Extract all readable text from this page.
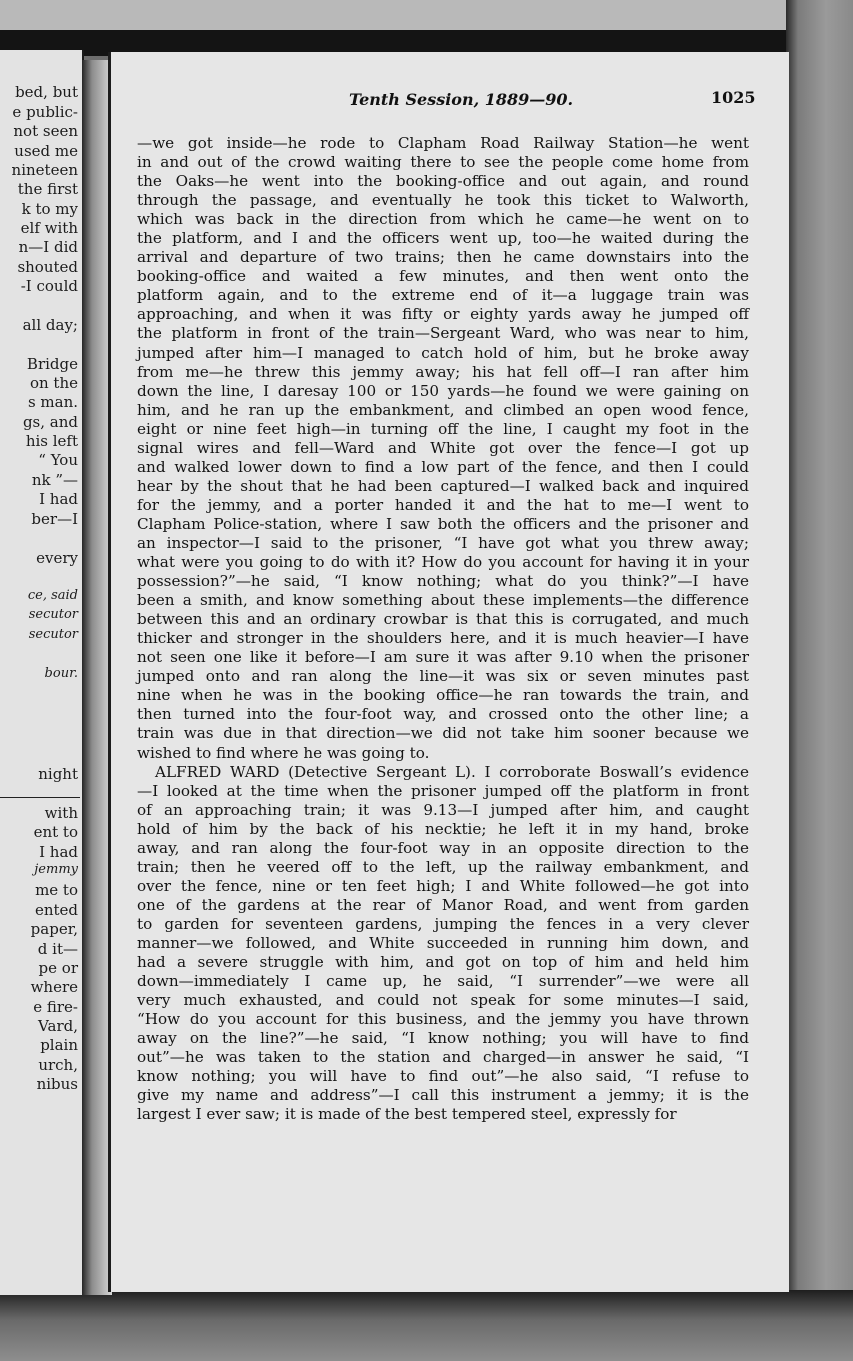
bed, but
e public-
not seen
used me
nineteen
the first
k to my
elf with
n—I did
shouted
-I could
all day;
Bridge
on the
s man.
gs, and
his left
“ You
nk ”—
I had
ber—I
every
ce, said
secutor
secutor
bour.
night
with
ent to
I had
jemmy
me to
ented
paper,
d it—
pe or
where
e fire-
Vard,
plain
urch,
nibus
Tenth Session, 1889—90.	1025
—we got inside—he rode to Clapham Road Railway Station—he went
in and out of the crowd waiting there to see the people come home from
the Oaks—he went into the booking-office and out again, and round
through the passage, and eventually he took this ticket to Walworth,
which was back in the direction from which he came—he went on to
the platform, and I and the officers went up, too—he waited during the
arrival and departure of two trains; then he came downstairs into the
booking-office and waited a few minutes, and then went onto the
platform again, and to the extreme end of it—a luggage train was
approaching, and when it was fifty or eighty yards away he jumped off
the platform in front of the train—Sergeant Ward, who was near to him,
jumped after him—I managed to catch hold of him, but he broke away
from me—he threw this jemmy away; his hat fell off—I ran after him
down the line, I daresay 100 or 150 yards—he found we were gaining on
him, and he ran up the embankment, and climbed an open wood fence,
eight or nine feet high—in turning off the line, I caught my foot in the
signal wires and fell—Ward and White got over the fence—I got up
and walked lower down to find a low part of the fence, and then I could
hear by the shout that he had been captured—I walked back and inquired
for the jemmy, and a porter handed it and the hat to me—I went to
Clapham Police-station, where I saw both the officers and the prisoner and
an inspector—I said to the prisoner, “I have got what you threw away;
what were you going to do with it? How do you account for having it in your
possession?”—he said, “I know nothing; what do you think?”—I have
been a smith, and know something about these implements—the difference
between this and an ordinary crowbar is that this is corrugated, and much
thicker and stronger in the shoulders here, and it is much heavier—I have
not seen one like it before—I am sure it was after 9.10 when the prisoner
jumped onto and ran along the line—it was six or seven minutes past
nine when he was in the booking office—he ran towards the train, and
then turned into the four-foot way, and crossed onto the other line; a
train was due in that direction—we did not take him sooner because we
wished to find where he was going to.
ALFRED WARD (Detective Sergeant L). I corroborate Boswall’s evidence
—I looked at the time when the prisoner jumped off the platform in front
of an approaching train; it was 9.13—I jumped after him, and caught
hold of him by the back of his necktie; he left it in my hand, broke
away, and ran along the four-foot way in an opposite direction to the
train; then he veered off to the left, up the railway embankment, and
over the fence, nine or ten feet high; I and White followed—he got into
one of the gardens at the rear of Manor Road, and went from garden
to garden for seventeen gardens, jumping the fences in a very clever
manner—we followed, and White succeeded in running him down, and
had a severe struggle with him, and got on top of him and held him
down—immediately I came up, he said, “I surrender”—we were all
very much exhausted, and could not speak for some minutes—I said,
“How do you account for this business, and the jemmy you have thrown
away on the line?”—he said, “I know nothing; you will have to find
out”—he was taken to the station and charged—in answer he said, “I
know nothing; you will have to find out”—he also said, “I refuse to
give my name and address”—I call this instrument a jemmy; it is the
largest I ever saw; it is made of the best tempered steel, expressly for
